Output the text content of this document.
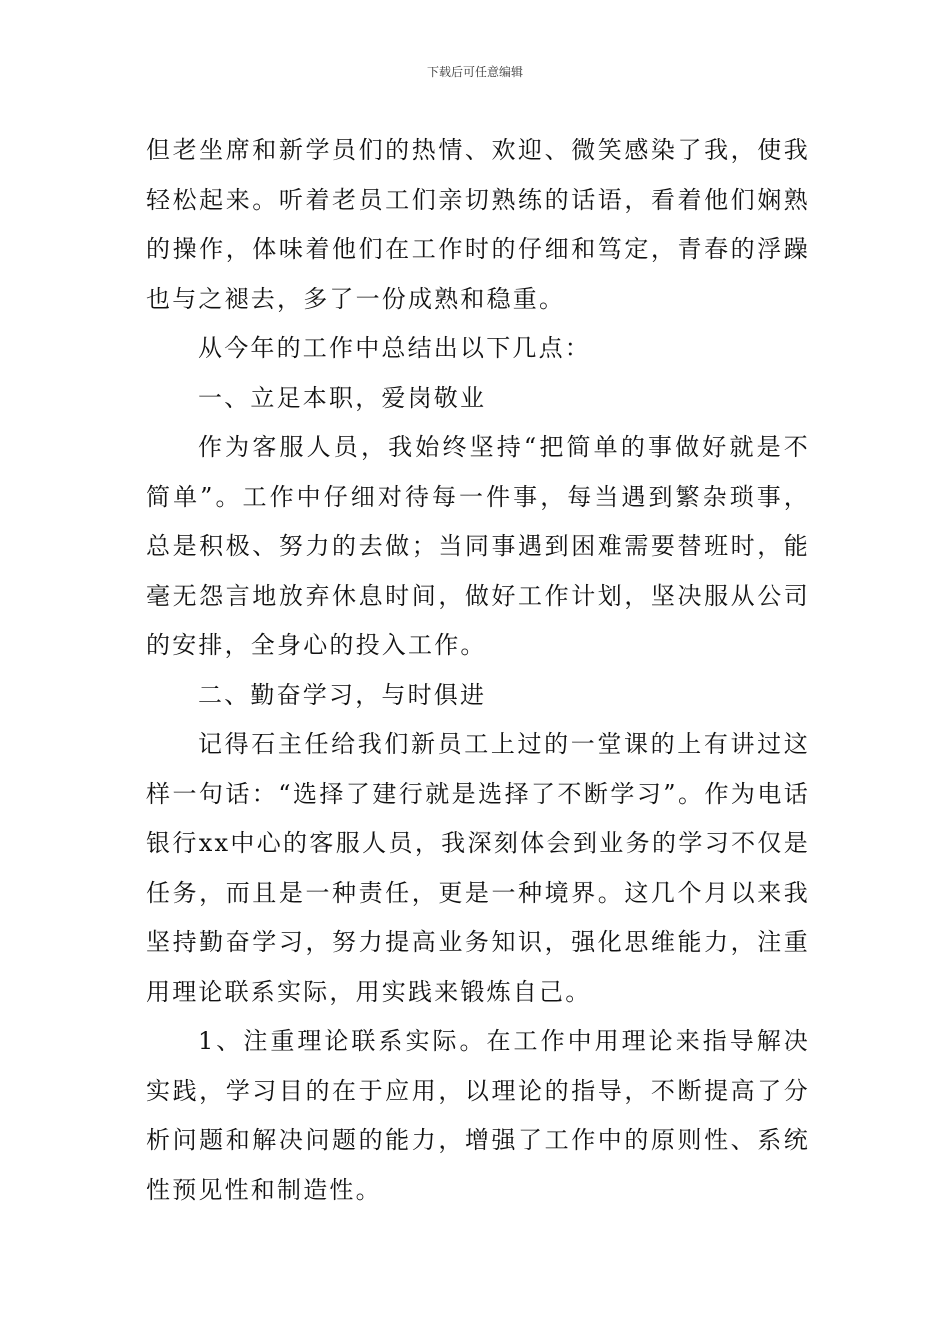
下载后可任意编辑

但老坐席和新学员们的热情、欢迎、微笑感染了我，使我轻松起来。听着老员工们亲切熟练的话语，看着他们娴熟的操作，体味着他们在工作时的仔细和笃定，青春的浮躁也与之褪去，多了一份成熟和稳重。

从今年的工作中总结出以下几点：

一、立足本职，爱岗敬业

作为客服人员，我始终坚持“把简单的事做好就是不简单”。工作中仔细对待每一件事，每当遇到繁杂琐事，总是积极、努力的去做；当同事遇到困难需要替班时，能毫无怨言地放弃休息时间，做好工作计划，坚决服从公司的安排，全身心的投入工作。

二、勤奋学习，与时俱进

记得石主任给我们新员工上过的一堂课的上有讲过这样一句话：“选择了建行就是选择了不断学习”。作为电话银行xx中心的客服人员，我深刻体会到业务的学习不仅是任务，而且是一种责任，更是一种境界。这几个月以来我坚持勤奋学习，努力提高业务知识，强化思维能力，注重用理论联系实际，用实践来锻炼自己。

1、注重理论联系实际。在工作中用理论来指导解决实践，学习目的在于应用，以理论的指导，不断提高了分析问题和解决问题的能力，增强了工作中的原则性、系统性预见性和制造性。
